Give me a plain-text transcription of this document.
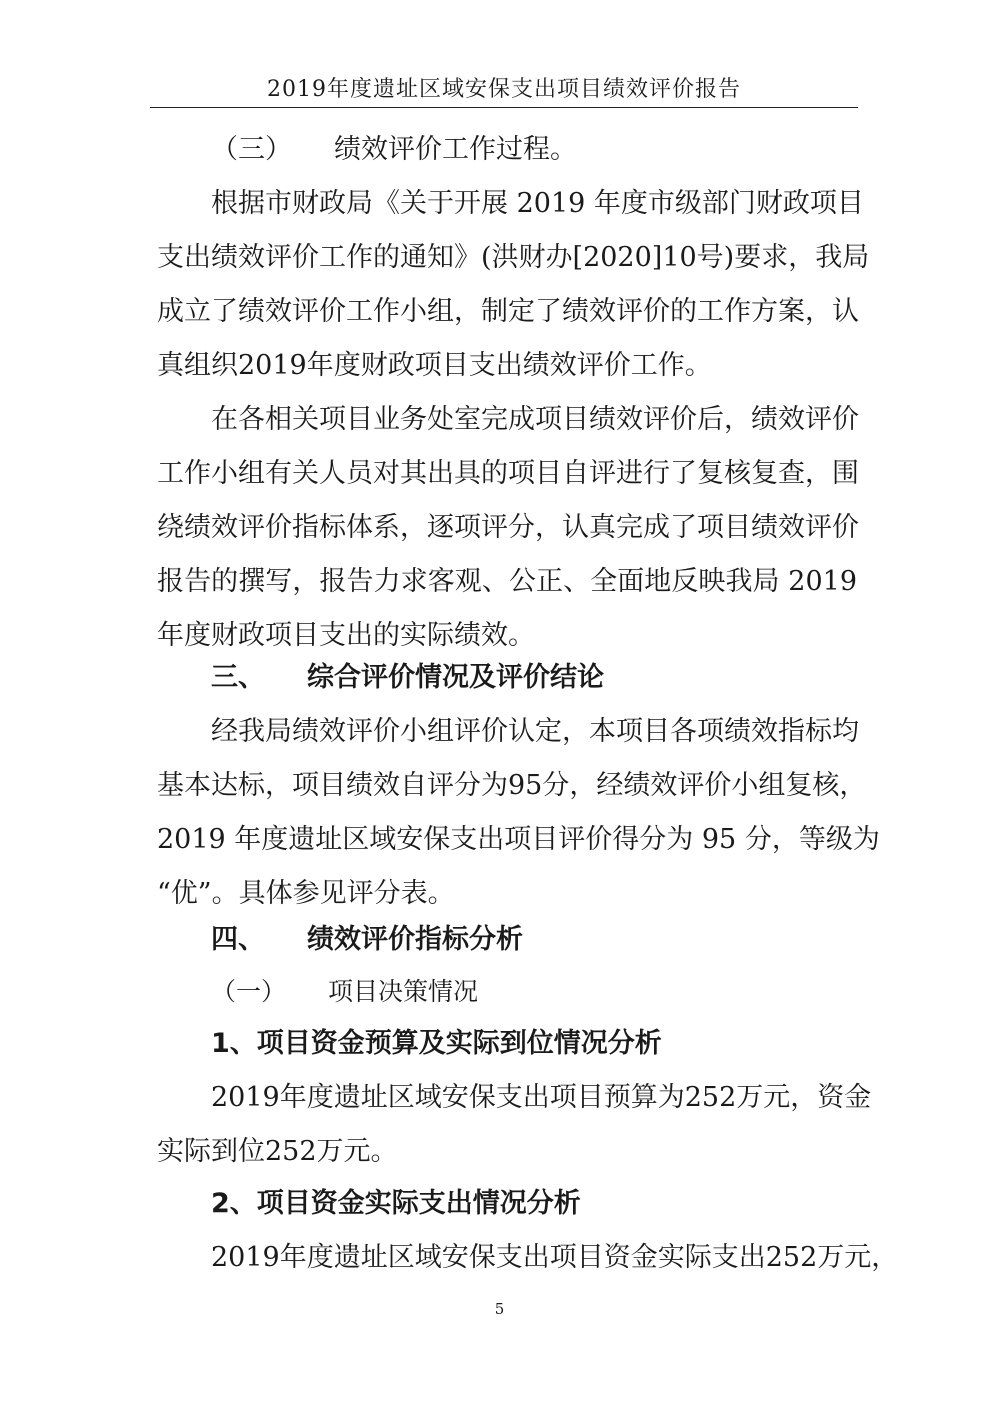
2019年度遗址区域安保支出项目绩效评价报告
（三） 绩效评价工作过程。
根据市财政局《关于开展 2019 年度市级部门财政项目
支出绩效评价工作的通知》(洪财办[2020]10号)要求，我局
成立了绩效评价工作小组，制定了绩效评价的工作方案，认
真组织2019年度财政项目支出绩效评价工作。
在各相关项目业务处室完成项目绩效评价后，绩效评价
工作小组有关人员对其出具的项目自评进行了复核复查，围
绕绩效评价指标体系，逐项评分，认真完成了项目绩效评价
报告的撰写，报告力求客观、公正、全面地反映我局 2019
年度财政项目支出的实际绩效。
三、 综合评价情况及评价结论
经我局绩效评价小组评价认定，本项目各项绩效指标均
基本达标，项目绩效自评分为95分，经绩效评价小组复核，
2019 年度遗址区域安保支出项目评价得分为 95 分，等级为
“优”。具体参见评分表。
四、 绩效评价指标分析
（一） 项目决策情况
1、项目资金预算及实际到位情况分析
2019年度遗址区域安保支出项目预算为252万元，资金
实际到位252万元。
2、项目资金实际支出情况分析
2019年度遗址区域安保支出项目资金实际支出252万元，
5
